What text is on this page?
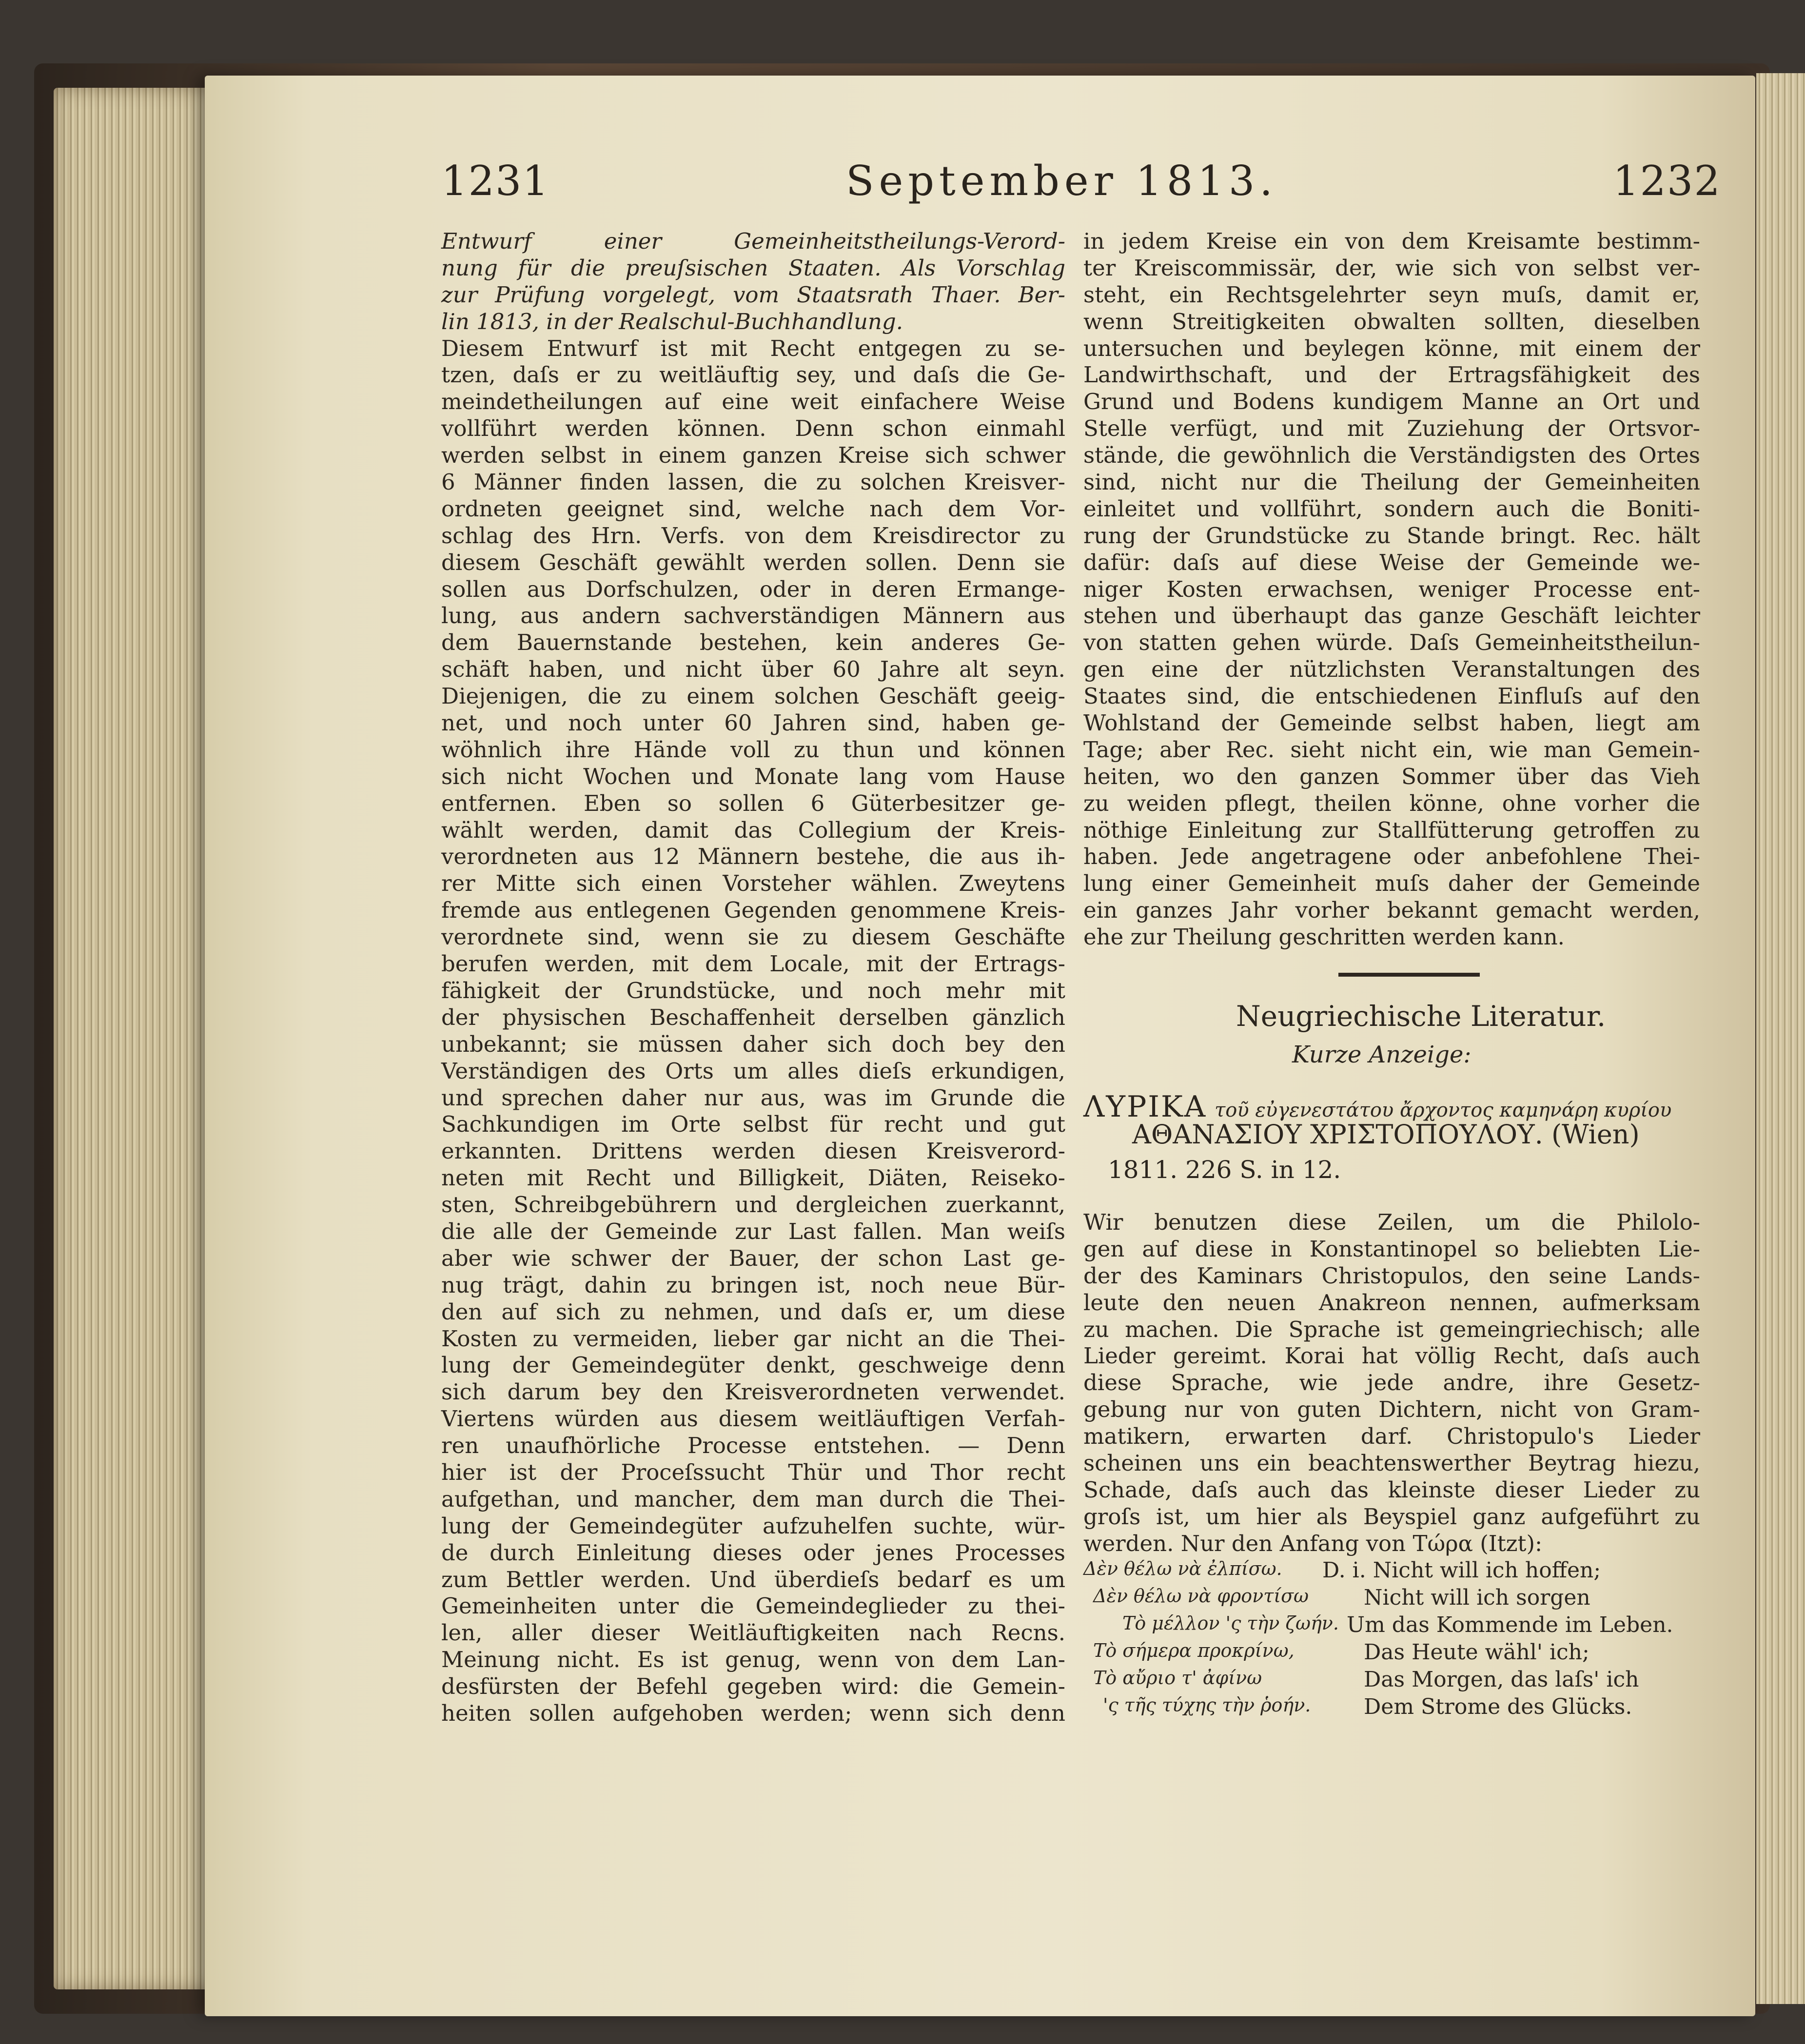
1231	September 1813.	1232
Entwurf einer Gemeinheitstheilungs-Verord-
nung für die preuſsischen Staaten. Als Vorschlag
zur Prüfung vorgelegt, vom Staatsrath Thaer. Ber-
lin 1813, in der Realschul-Buchhandlung.
Diesem Entwurf ist mit Recht entgegen zu se-
tzen, daſs er zu weitläuftig sey, und daſs die Ge-
meindetheilungen auf eine weit einfachere Weise
vollführt werden können. Denn schon einmahl
werden selbst in einem ganzen Kreise sich schwer
6 Männer finden lassen, die zu solchen Kreisver-
ordneten geeignet sind, welche nach dem Vor-
schlag des Hrn. Verfs. von dem Kreisdirector zu
diesem Geschäft gewählt werden sollen. Denn sie
sollen aus Dorfschulzen, oder in deren Ermange-
lung, aus andern sachverständigen Männern aus
dem Bauernstande bestehen, kein anderes Ge-
schäft haben, und nicht über 60 Jahre alt seyn.
Diejenigen, die zu einem solchen Geschäft geeig-
net, und noch unter 60 Jahren sind, haben ge-
wöhnlich ihre Hände voll zu thun und können
sich nicht Wochen und Monate lang vom Hause
entfernen. Eben so sollen 6 Güterbesitzer ge-
wählt werden, damit das Collegium der Kreis-
verordneten aus 12 Männern bestehe, die aus ih-
rer Mitte sich einen Vorsteher wählen. Zweytens
fremde aus entlegenen Gegenden genommene Kreis-
verordnete sind, wenn sie zu diesem Geschäfte
berufen werden, mit dem Locale, mit der Ertrags-
fähigkeit der Grundstücke, und noch mehr mit
der physischen Beschaffenheit derselben gänzlich
unbekannt; sie müssen daher sich doch bey den
Verständigen des Orts um alles dieſs erkundigen,
und sprechen daher nur aus, was im Grunde die
Sachkundigen im Orte selbst für recht und gut
erkannten. Drittens werden diesen Kreisverord-
neten mit Recht und Billigkeit, Diäten, Reiseko-
sten, Schreibgebührern und dergleichen zuerkannt,
die alle der Gemeinde zur Last fallen. Man weiſs
aber wie schwer der Bauer, der schon Last ge-
nug trägt, dahin zu bringen ist, noch neue Bür-
den auf sich zu nehmen, und daſs er, um diese
Kosten zu vermeiden, lieber gar nicht an die Thei-
lung der Gemeindegüter denkt, geschweige denn
sich darum bey den Kreisverordneten verwendet.
Viertens würden aus diesem weitläuftigen Verfah-
ren unaufhörliche Processe entstehen. — Denn
hier ist der Proceſssucht Thür und Thor recht
aufgethan, und mancher, dem man durch die Thei-
lung der Gemeindegüter aufzuhelfen suchte, wür-
de durch Einleitung dieses oder jenes Processes
zum Bettler werden. Und überdieſs bedarf es um
Gemeinheiten unter die Gemeindeglieder zu thei-
len, aller dieser Weitläuftigkeiten nach Recns.
Meinung nicht. Es ist genug, wenn von dem Lan-
desfürsten der Befehl gegeben wird: die Gemein-
heiten sollen aufgehoben werden; wenn sich denn
in jedem Kreise ein von dem Kreisamte bestimm-
ter Kreiscommissär, der, wie sich von selbst ver-
steht, ein Rechtsgelehrter seyn muſs, damit er,
wenn Streitigkeiten obwalten sollten, dieselben
untersuchen und beylegen könne, mit einem der
Landwirthschaft, und der Ertragsfähigkeit des
Grund und Bodens kundigem Manne an Ort und
Stelle verfügt, und mit Zuziehung der Ortsvor-
stände, die gewöhnlich die Verständigsten des Ortes
sind, nicht nur die Theilung der Gemeinheiten
einleitet und vollführt, sondern auch die Boniti-
rung der Grundstücke zu Stande bringt. Rec. hält
dafür: daſs auf diese Weise der Gemeinde we-
niger Kosten erwachsen, weniger Processe ent-
stehen und überhaupt das ganze Geschäft leichter
von statten gehen würde. Daſs Gemeinheitstheilun-
gen eine der nützlichsten Veranstaltungen des
Staates sind, die entschiedenen Einfluſs auf den
Wohlstand der Gemeinde selbst haben, liegt am
Tage; aber Rec. sieht nicht ein, wie man Gemein-
heiten, wo den ganzen Sommer über das Vieh
zu weiden pflegt, theilen könne, ohne vorher die
nöthige Einleitung zur Stallfütterung getroffen zu
haben. Jede angetragene oder anbefohlene Thei-
lung einer Gemeinheit muſs daher der Gemeinde
ein ganzes Jahr vorher bekannt gemacht werden,
ehe zur Theilung geschritten werden kann.
Neugriechische Literatur.
Kurze Anzeige:
ΛΥΡΙΚΑ τοῦ εὐγενεστάτου ἄρχοντος καμηνάρη κυρίου
ΑΘΑΝΑΣΙΟΥ ΧΡΙΣΤΟΠΟΥΛΟΥ. (Wien)
1811. 226 S. in 12.
Wir benutzen diese Zeilen, um die Philolo-
gen auf diese in Konstantinopel so beliebten Lie-
der des Kaminars Christopulos, den seine Lands-
leute den neuen Anakreon nennen, aufmerksam
zu machen. Die Sprache ist gemeingriechisch; alle
Lieder gereimt. Korai hat völlig Recht, daſs auch
diese Sprache, wie jede andre, ihre Gesetz-
gebung nur von guten Dichtern, nicht von Gram-
matikern, erwarten darf. Christopulo's Lieder
scheinen uns ein beachtenswerther Beytrag hiezu,
Schade, daſs auch das kleinste dieser Lieder zu
groſs ist, um hier als Beyspiel ganz aufgeführt zu
werden. Nur den Anfang von Τώρα (Itzt):
Δὲν θέλω νὰ ἐλπίσω. D. i. Nicht will ich hoffen;
Δὲν θέλω νὰ φροντίσω	Nicht will ich sorgen
Τὸ μέλλον 'ς τὴν ζωήν. Um das Kommende im Leben.
Τὸ σήμερα προκρίνω,	Das Heute wähl' ich;
Τὸ αὔριο τ' ἀφίνω	Das Morgen, das laſs' ich
'ς τῆς τύχης τὴν ῥοήν. Dem Strome des Glücks.
